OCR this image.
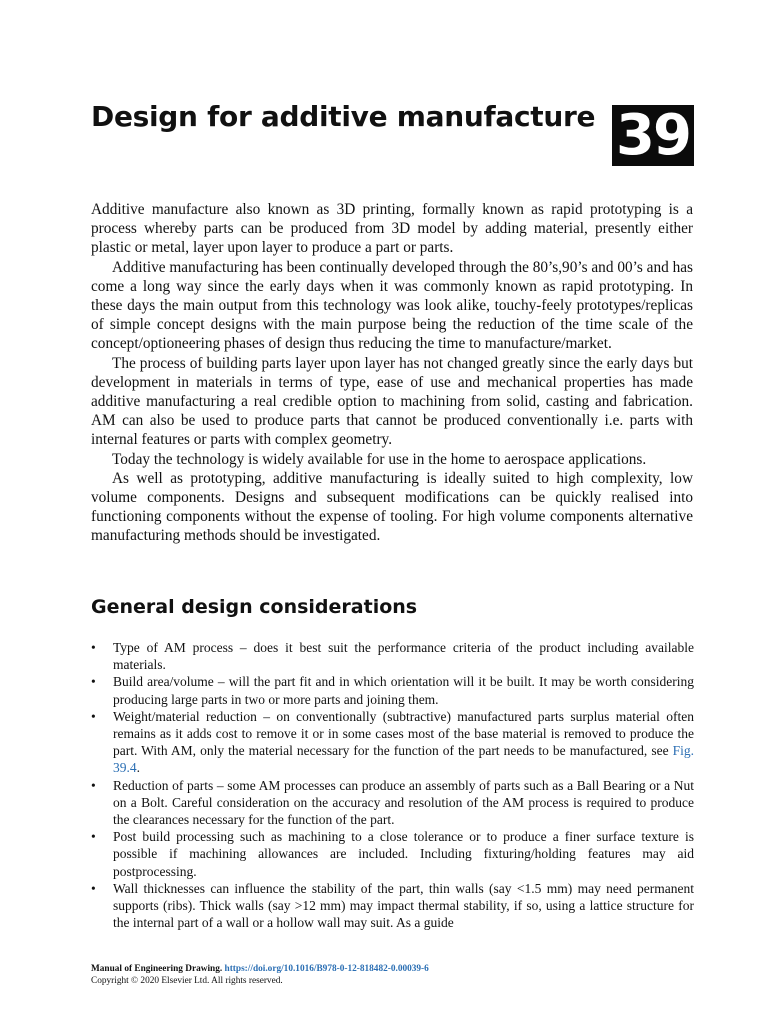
Design for additive manufacture 39

Additive manufacture also known as 3D printing, formally known as rapid prototyping is a process whereby parts can be produced from 3D model by adding material, presently either plastic or metal, layer upon layer to produce a part or parts.

Additive manufacturing has been continually developed through the 80’s,90’s and 00’s and has come a long way since the early days when it was commonly known as rapid prototyping. In these days the main output from this technology was look alike, touchy-feely prototypes/replicas of simple concept designs with the main purpose being the reduction of the time scale of the concept/optioneering phases of design thus reducing the time to manufacture/market.

The process of building parts layer upon layer has not changed greatly since the early days but development in materials in terms of type, ease of use and mechanical properties has made additive manufacturing a real credible option to machining from solid, casting and fabrication. AM can also be used to produce parts that cannot be produced conventionally i.e. parts with internal features or parts with complex geometry.

Today the technology is widely available for use in the home to aerospace applications.

As well as prototyping, additive manufacturing is ideally suited to high complexity, low volume components. Designs and subsequent modifications can be quickly realised into functioning components without the expense of tooling. For high volume components alternative manufacturing methods should be investigated.

General design considerations
• Type of AM process – does it best suit the performance criteria of the product including available materials.
• Build area/volume – will the part fit and in which orientation will it be built. It may be worth considering producing large parts in two or more parts and joining them.
• Weight/material reduction – on conventionally (subtractive) manufactured parts surplus material often remains as it adds cost to remove it or in some cases most of the base material is removed to produce the part. With AM, only the material necessary for the function of the part needs to be manufactured, see Fig. 39.4.
• Reduction of parts – some AM processes can produce an assembly of parts such as a Ball Bearing or a Nut on a Bolt. Careful consideration on the accuracy and resolution of the AM process is required to produce the clearances necessary for the function of the part.
• Post build processing such as machining to a close tolerance or to produce a finer surface texture is possible if machining allowances are included. Including fixturing/holding features may aid postprocessing.
• Wall thicknesses can influence the stability of the part, thin walls (say <1.5 mm) may need permanent supports (ribs). Thick walls (say >12 mm) may impact thermal stability, if so, using a lattice structure for the internal part of a wall or a hollow wall may suit. As a guide
Manual of Engineering Drawing. https://doi.org/10.1016/B978-0-12-818482-0.00039-6
Copyright © 2020 Elsevier Ltd. All rights reserved.
